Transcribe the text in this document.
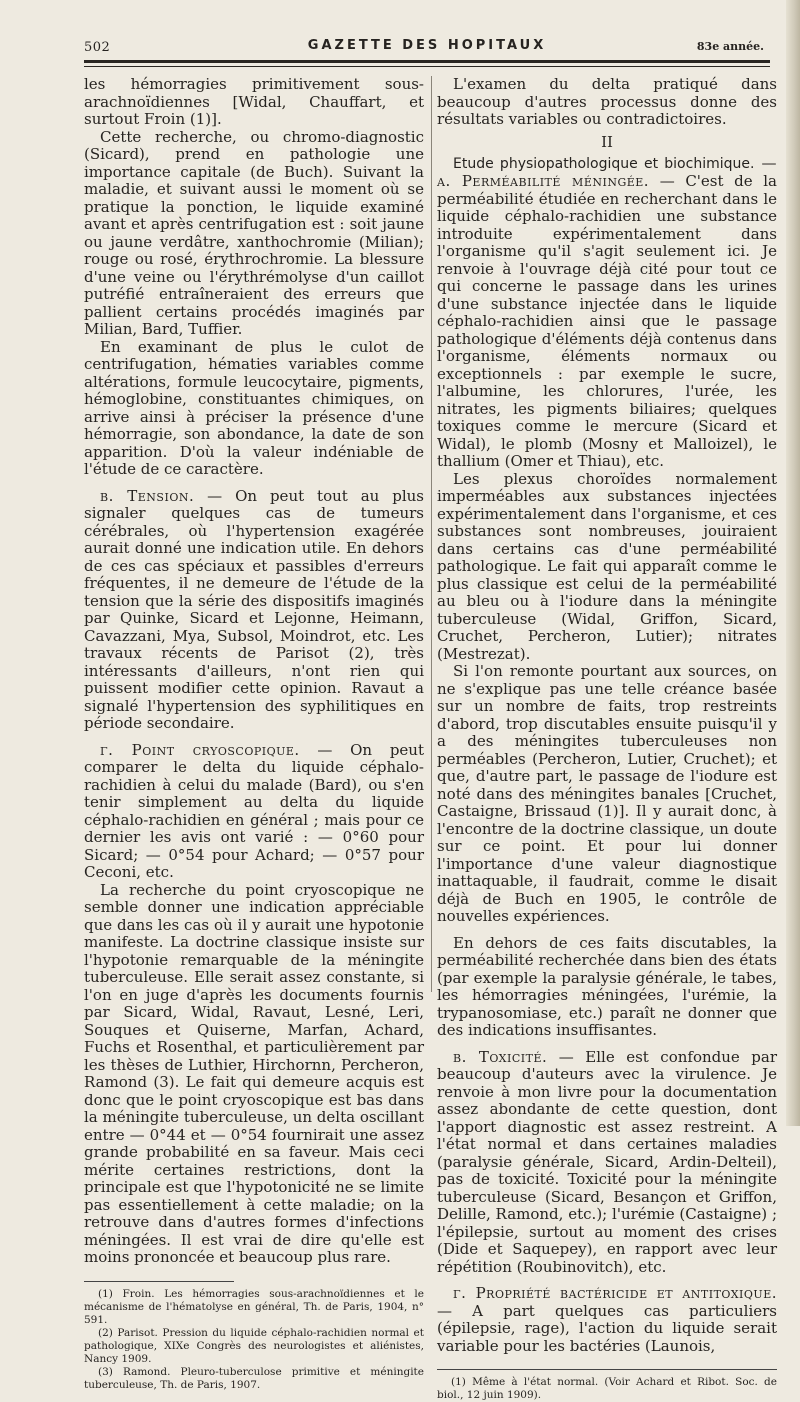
502	GAZETTE DES HOPITAUX	83e année.

les hémorragies primitivement sous-arachnoïdiennes [Widal, Chauffart, et surtout Froin (1)].

Cette recherche, ou chromo-diagnostic (Sicard), prend en pathologie une importance capitale (de Buch). Suivant la maladie, et suivant aussi le moment où se pratique la ponction, le liquide examiné avant et après centrifugation est : soit jaune ou jaune verdâtre, xanthochromie (Milian); rouge ou rosé, érythrochromie. La blessure d'une veine ou l'érythrémolyse d'un caillot putréfié entraîneraient des erreurs que pallient certains procédés imaginés par Milian, Bard, Tuffier.

En examinant de plus le culot de centrifugation, hématies variables comme altérations, formule leucocytaire, pigments, hémoglobine, constituantes chimiques, on arrive ainsi à préciser la présence d'une hémorragie, son abondance, la date de son apparition. D'où la valeur indéniable de l'étude de ce caractère.

β. Tension. — On peut tout au plus signaler quelques cas de tumeurs cérébrales, où l'hypertension exagérée aurait donné une indication utile. En dehors de ces cas spéciaux et passibles d'erreurs fréquentes, il ne demeure de l'étude de la tension que la série des dispositifs imaginés par Quinke, Sicard et Lejonne, Heimann, Cavazzani, Mya, Subsol, Moindrot, etc. Les travaux récents de Parisot (2), très intéressants d'ailleurs, n'ont rien qui puissent modifier cette opinion. Ravaut a signalé l'hypertension des syphilitiques en période secondaire.

γ. Point cryoscopique. — On peut comparer le delta du liquide céphalo-rachidien à celui du malade (Bard), ou s'en tenir simplement au delta du liquide céphalo-rachidien en général ; mais pour ce dernier les avis ont varié : — 0°60 pour Sicard; — 0°54 pour Achard; — 0°57 pour Ceconi, etc.

La recherche du point cryoscopique ne semble donner une indication appréciable que dans les cas où il y aurait une hypotonie manifeste. La doctrine classique insiste sur l'hypotonie remarquable de la méningite tuberculeuse. Elle serait assez constante, si l'on en juge d'après les documents fournis par Sicard, Widal, Ravaut, Lesné, Leri, Souques et Quiserne, Marfan, Achard, Fuchs et Rosenthal, et particulièrement par les thèses de Luthier, Hirchornn, Percheron, Ramond (3). Le fait qui demeure acquis est donc que le point cryoscopique est bas dans la méningite tuberculeuse, un delta oscillant entre — 0°44 et — 0°54 fournirait une assez grande probabilité en sa faveur. Mais ceci mérite certaines restrictions, dont la principale est que l'hypotonicité ne se limite pas essentiellement à cette maladie; on la retrouve dans d'autres formes d'infections méningées. Il est vrai de dire qu'elle est moins prononcée et beaucoup plus rare.

(1) Froin. Les hémorragies sous-arachnoïdiennes et le mécanisme de l'hématolyse en général, Th. de Paris, 1904, n° 591.

(2) Parisot. Pression du liquide céphalo-rachidien normal et pathologique, XIXe Congrès des neurologistes et aliénistes, Nancy 1909.

(3) Ramond. Pleuro-tuberculose primitive et méningite tuberculeuse, Th. de Paris, 1907.

L'examen du delta pratiqué dans beaucoup d'autres processus donne des résultats variables ou contradictoires.

II

Etude physiopathologique et biochimique. — α. Perméabilité méningée. — C'est de la perméabilité étudiée en recherchant dans le liquide céphalo-rachidien une substance introduite expérimentalement dans l'organisme qu'il s'agit seulement ici. Je renvoie à l'ouvrage déjà cité pour tout ce qui concerne le passage dans les urines d'une substance injectée dans le liquide céphalo-rachidien ainsi que le passage pathologique d'éléments déjà contenus dans l'organisme, éléments normaux ou exceptionnels : par exemple le sucre, l'albumine, les chlorures, l'urée, les nitrates, les pigments biliaires; quelques toxiques comme le mercure (Sicard et Widal), le plomb (Mosny et Malloizel), le thallium (Omer et Thiau), etc.

Les plexus choroïdes normalement imperméables aux substances injectées expérimentalement dans l'organisme, et ces substances sont nombreuses, jouiraient dans certains cas d'une perméabilité pathologique. Le fait qui apparaît comme le plus classique est celui de la perméabilité au bleu ou à l'iodure dans la méningite tuberculeuse (Widal, Griffon, Sicard, Cruchet, Percheron, Lutier); nitrates (Mestrezat).

Si l'on remonte pourtant aux sources, on ne s'explique pas une telle créance basée sur un nombre de faits, trop restreints d'abord, trop discutables ensuite puisqu'il y a des méningites tuberculeuses non perméables (Percheron, Lutier, Cruchet); et que, d'autre part, le passage de l'iodure est noté dans des méningites banales [Cruchet, Castaigne, Brissaud (1)]. Il y aurait donc, à l'encontre de la doctrine classique, un doute sur ce point. Et pour lui donner l'importance d'une valeur diagnostique inattaquable, il faudrait, comme le disait déjà de Buch en 1905, le contrôle de nouvelles expériences.

En dehors de ces faits discutables, la perméabilité recherchée dans bien des états (par exemple la paralysie générale, le tabes, les hémorragies méningées, l'urémie, la trypanosomiase, etc.) paraît ne donner que des indications insuffisantes.

β. Toxicité. — Elle est confondue par beaucoup d'auteurs avec la virulence. Je renvoie à mon livre pour la documentation assez abondante de cette question, dont l'apport diagnostic est assez restreint. A l'état normal et dans certaines maladies (paralysie générale, Sicard, Ardin-Delteil), pas de toxicité. Toxicité pour la méningite tuberculeuse (Sicard, Besançon et Griffon, Delille, Ramond, etc.); l'urémie (Castaigne) ; l'épilepsie, surtout au moment des crises (Dide et Saquepey), en rapport avec leur répétition (Roubinovitch), etc.

γ. Propriété bactéricide et antitoxique. — A part quelques cas particuliers (épilepsie, rage), l'action du liquide serait variable pour les bactéries (Launois,

(1) Même à l'état normal. (Voir Achard et Ribot. Soc. de biol., 12 juin 1909).
